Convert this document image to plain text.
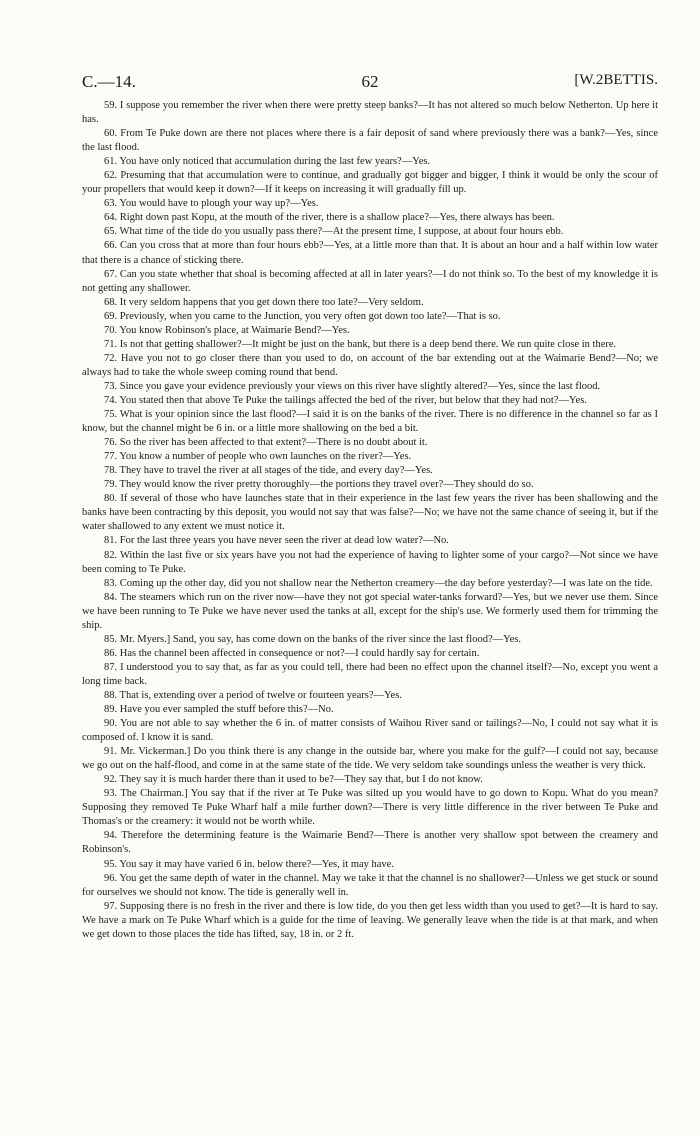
C.—14.	62	[W.2BETTIS.

59. I suppose you remember the river when there were pretty steep banks?—It has not altered so much below Netherton. Up here it has.

60. From Te Puke down are there not places where there is a fair deposit of sand where previously there was a bank?—Yes, since the last flood.

61. You have only noticed that accumulation during the last few years?—Yes.

62. Presuming that that accumulation were to continue, and gradually got bigger and bigger, I think it would be only the scour of your propellers that would keep it down?—If it keeps on increasing it will gradually fill up.

63. You would have to plough your way up?—Yes.

64. Right down past Kopu, at the mouth of the river, there is a shallow place?—Yes, there always has been.

65. What time of the tide do you usually pass there?—At the present time, I suppose, at about four hours ebb.

66. Can you cross that at more than four hours ebb?—Yes, at a little more than that. It is about an hour and a half within low water that there is a chance of sticking there.

67. Can you state whether that shoal is becoming affected at all in later years?—I do not think so. To the best of my knowledge it is not getting any shallower.

68. It very seldom happens that you get down there too late?—Very seldom.

69. Previously, when you came to the Junction, you very often got down too late?—That is so.

70. You know Robinson's place, at Waimarie Bend?—Yes.

71. Is not that getting shallower?—It might be just on the bank, but there is a deep bend there. We run quite close in there.

72. Have you not to go closer there than you used to do, on account of the bar extending out at the Waimarie Bend?—No; we always had to take the whole sweep coming round that bend.

73. Since you gave your evidence previously your views on this river have slightly altered?—Yes, since the last flood.

74. You stated then that above Te Puke the tailings affected the bed of the river, but below that they had not?—Yes.

75. What is your opinion since the last flood?—I said it is on the banks of the river. There is no difference in the channel so far as I know, but the channel might be 6 in. or a little more shallowing on the bed a bit.

76. So the river has been affected to that extent?—There is no doubt about it.

77. You know a number of people who own launches on the river?—Yes.

78. They have to travel the river at all stages of the tide, and every day?—Yes.

79. They would know the river pretty thoroughly—the portions they travel over?—They should do so.

80. If several of those who have launches state that in their experience in the last few years the river has been shallowing and the banks have been contracting by this deposit, you would not say that was false?—No; we have not the same chance of seeing it, but if the water shallowed to any extent we must notice it.

81. For the last three years you have never seen the river at dead low water?—No.

82. Within the last five or six years have you not had the experience of having to lighter some of your cargo?—Not since we have been coming to Te Puke.

83. Coming up the other day, did you not shallow near the Netherton creamery—the day before yesterday?—I was late on the tide.

84. The steamers which run on the river now—have they not got special water-tanks forward?—Yes, but we never use them. Since we have been running to Te Puke we have never used the tanks at all, except for the ship's use. We formerly used them for trimming the ship.

85. Mr. Myers.] Sand, you say, has come down on the banks of the river since the last flood?—Yes.

86. Has the channel been affected in consequence or not?—I could hardly say for certain.

87. I understood you to say that, as far as you could tell, there had been no effect upon the channel itself?—No, except you went a long time back.

88. That is, extending over a period of twelve or fourteen years?—Yes.

89. Have you ever sampled the stuff before this?—No.

90. You are not able to say whether the 6 in. of matter consists of Waihou River sand or tailings?—No, I could not say what it is composed of. I know it is sand.

91. Mr. Vickerman.] Do you think there is any change in the outside bar, where you make for the gulf?—I could not say, because we go out on the half-flood, and come in at the same state of the tide. We very seldom take soundings unless the weather is very thick.

92. They say it is much harder there than it used to be?—They say that, but I do not know.

93. The Chairman.] You say that if the river at Te Puke was silted up you would have to go down to Kopu. What do you mean? Supposing they removed Te Puke Wharf half a mile further down?—There is very little difference in the river between Te Puke and Thomas's or the creamery: it would not be worth while.

94. Therefore the determining feature is the Waimarie Bend?—There is another very shallow spot between the creamery and Robinson's.

95. You say it may have varied 6 in. below there?—Yes, it may have.

96. You get the same depth of water in the channel. May we take it that the channel is no shallower?—Unless we get stuck or sound for ourselves we should not know. The tide is generally well in.

97. Supposing there is no fresh in the river and there is low tide, do you then get less width than you used to get?—It is hard to say. We have a mark on Te Puke Wharf which is a guide for the time of leaving. We generally leave when the tide is at that mark, and when we get down to those places the tide has lifted, say, 18 in. or 2 ft.
